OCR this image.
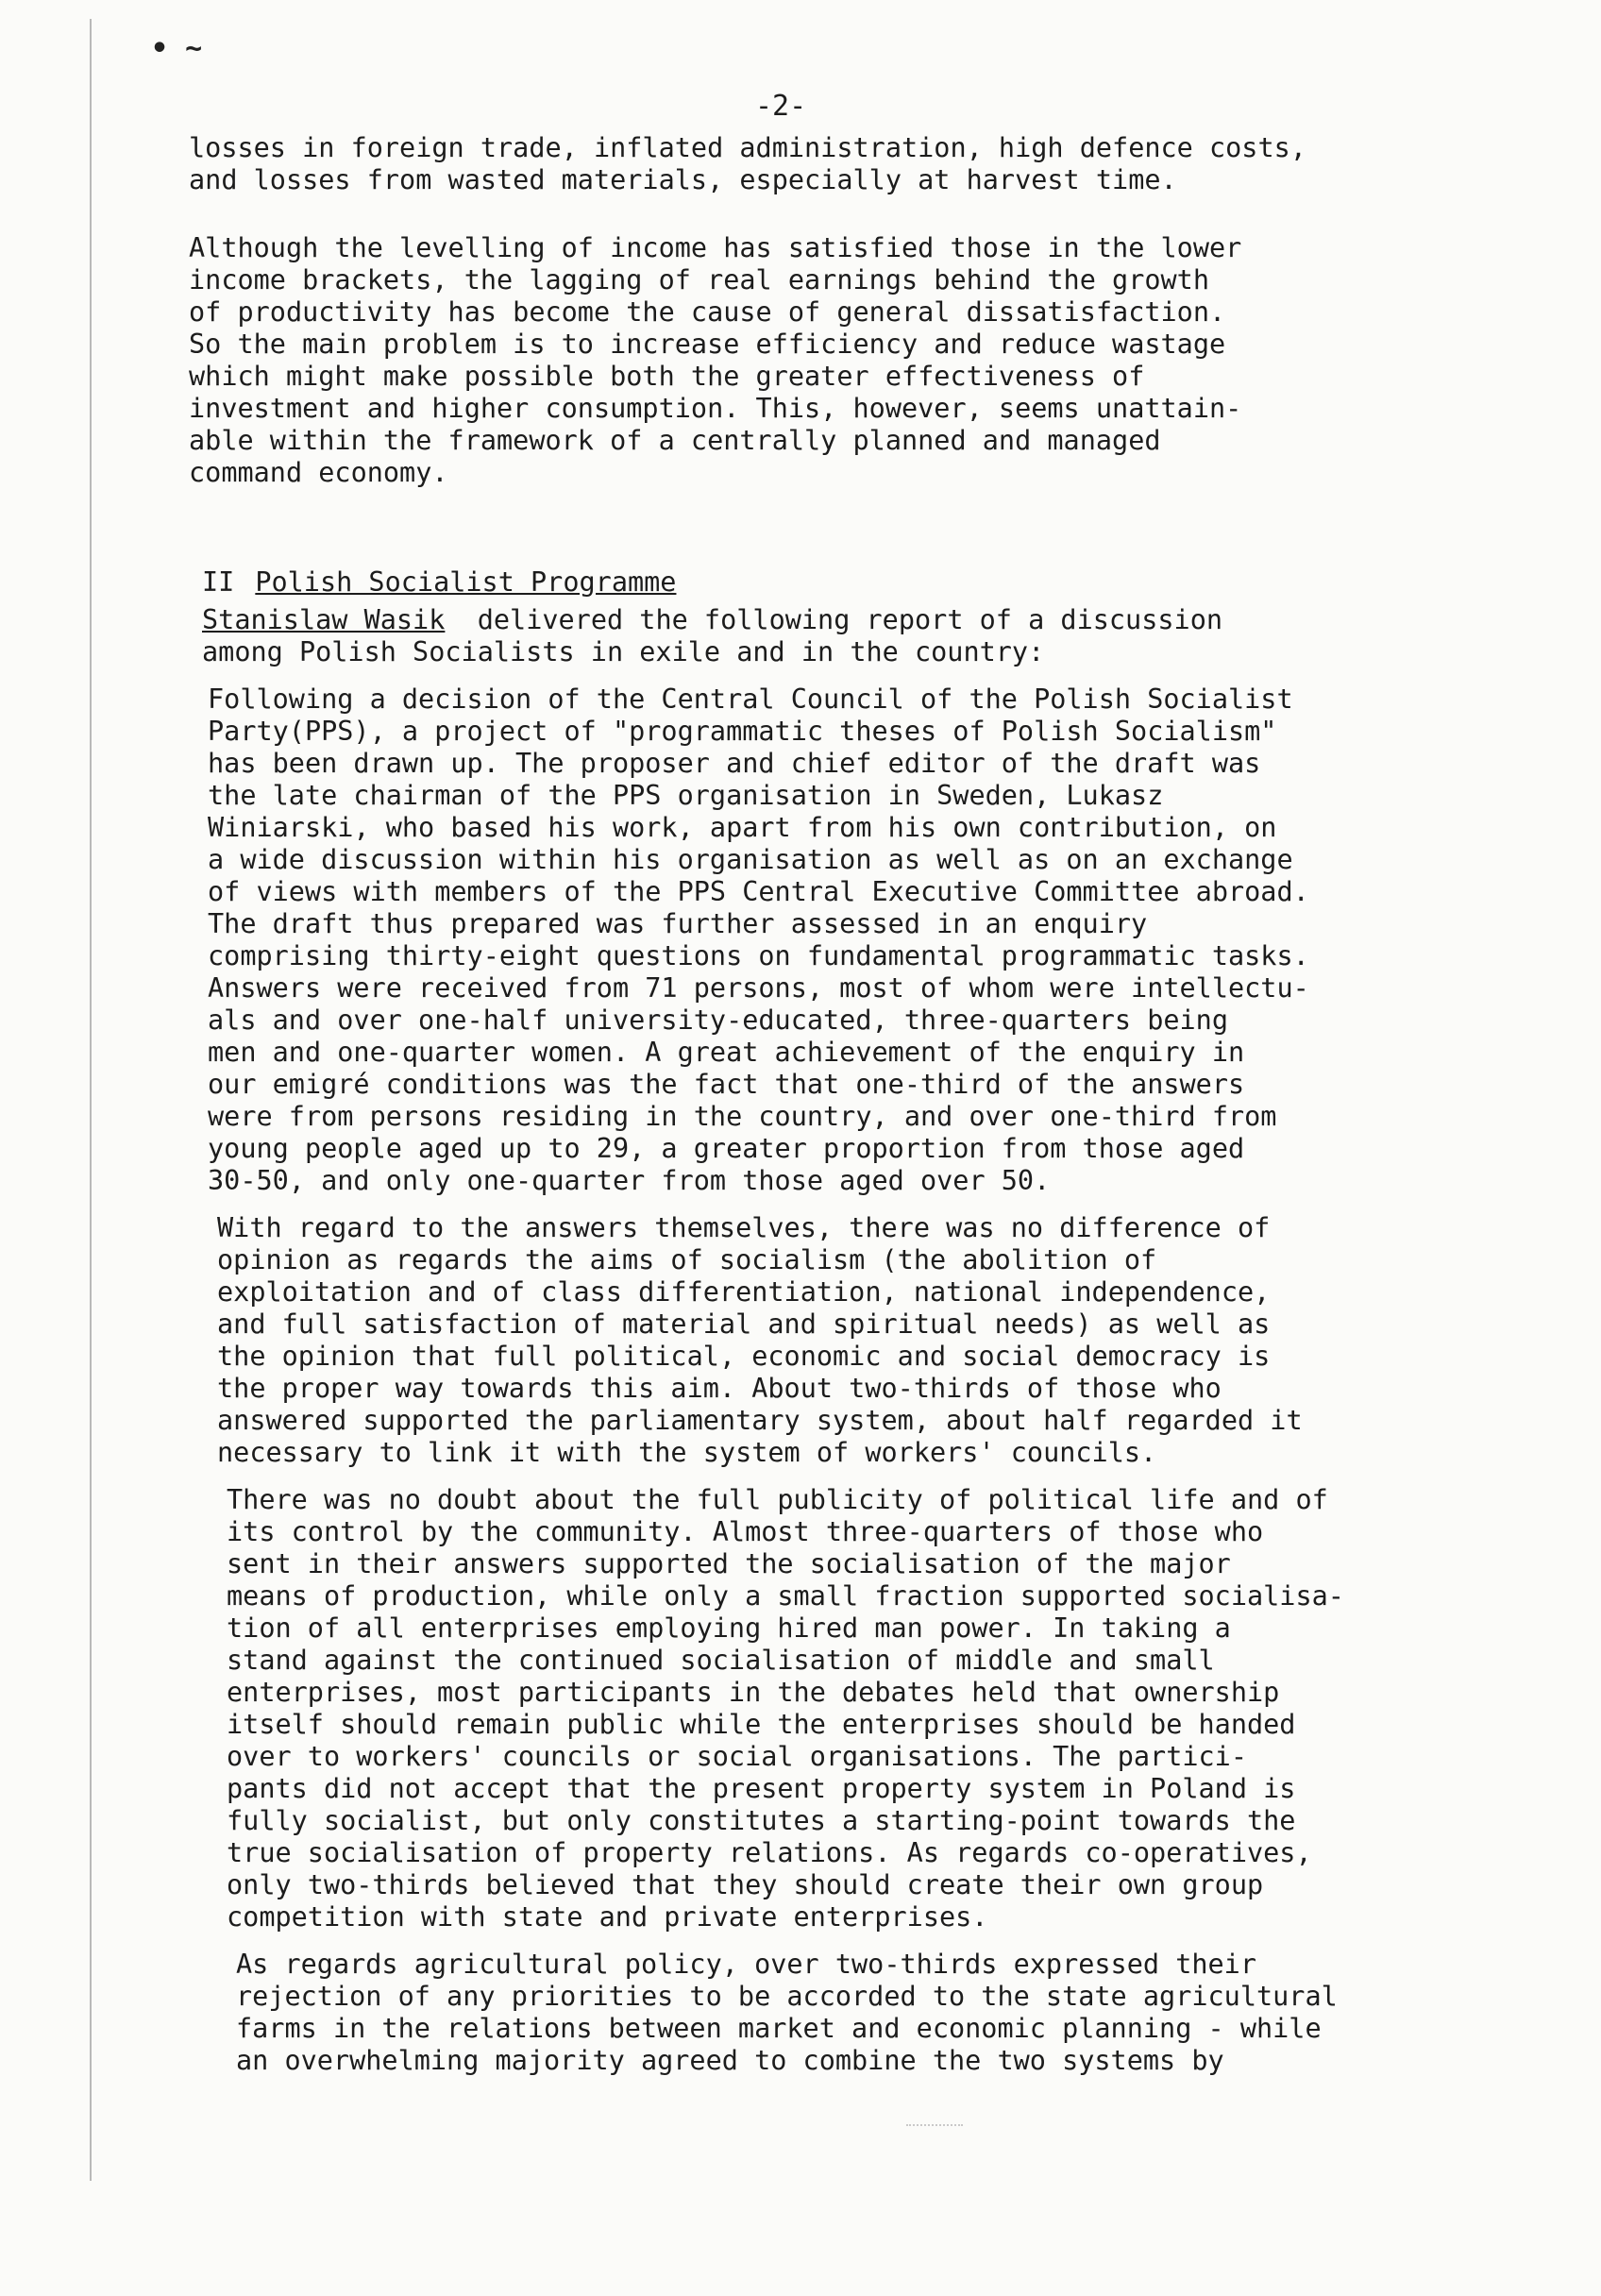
• ~
-2-

losses in foreign trade, inflated administration, high defence costs,
and losses from wasted materials, especially at harvest time.

Although the levelling of income has satisfied those in the lower
income brackets, the lagging of real earnings behind the growth
of productivity has become the cause of general dissatisfaction.
So the main problem is to increase efficiency and reduce wastage
which might make possible both the greater effectiveness of
investment and higher consumption. This, however, seems unattain-
able within the framework of a centrally planned and managed
command economy.

II Polish Socialist Programme
Stanislaw Wasik delivered the following report of a discussion
among Polish Socialists in exile and in the country:

Following a decision of the Central Council of the Polish Socialist
Party(PPS), a project of "programmatic theses of Polish Socialism"
has been drawn up. The proposer and chief editor of the draft was
the late chairman of the PPS organisation in Sweden, Lukasz
Winiarski, who based his work, apart from his own contribution, on
a wide discussion within his organisation as well as on an exchange
of views with members of the PPS Central Executive Committee abroad.
The draft thus prepared was further assessed in an enquiry
comprising thirty-eight questions on fundamental programmatic tasks.
Answers were received from 71 persons, most of whom were intellectu-
als and over one-half university-educated, three-quarters being
men and one-quarter women. A great achievement of the enquiry in
our emigré conditions was the fact that one-third of the answers
were from persons residing in the country, and over one-third from
young people aged up to 29, a greater proportion from those aged
30-50, and only one-quarter from those aged over 50.

With regard to the answers themselves, there was no difference of
opinion as regards the aims of socialism (the abolition of
exploitation and of class differentiation, national independence,
and full satisfaction of material and spiritual needs) as well as
the opinion that full political, economic and social democracy is
the proper way towards this aim. About two-thirds of those who
answered supported the parliamentary system, about half regarded it
necessary to link it with the system of workers' councils.

There was no doubt about the full publicity of political life and of
its control by the community. Almost three-quarters of those who
sent in their answers supported the socialisation of the major
means of production, while only a small fraction supported socialisa-
tion of all enterprises employing hired man power. In taking a
stand against the continued socialisation of middle and small
enterprises, most participants in the debates held that ownership
itself should remain public while the enterprises should be handed
over to workers' councils or social organisations. The partici-
pants did not accept that the present property system in Poland is
fully socialist, but only constitutes a starting-point towards the
true socialisation of property relations. As regards co-operatives,
only two-thirds believed that they should create their own group
competition with state and private enterprises.

As regards agricultural policy, over two-thirds expressed their
rejection of any priorities to be accorded to the state agricultural
farms in the relations between market and economic planning - while
an overwhelming majority agreed to combine the two systems by
